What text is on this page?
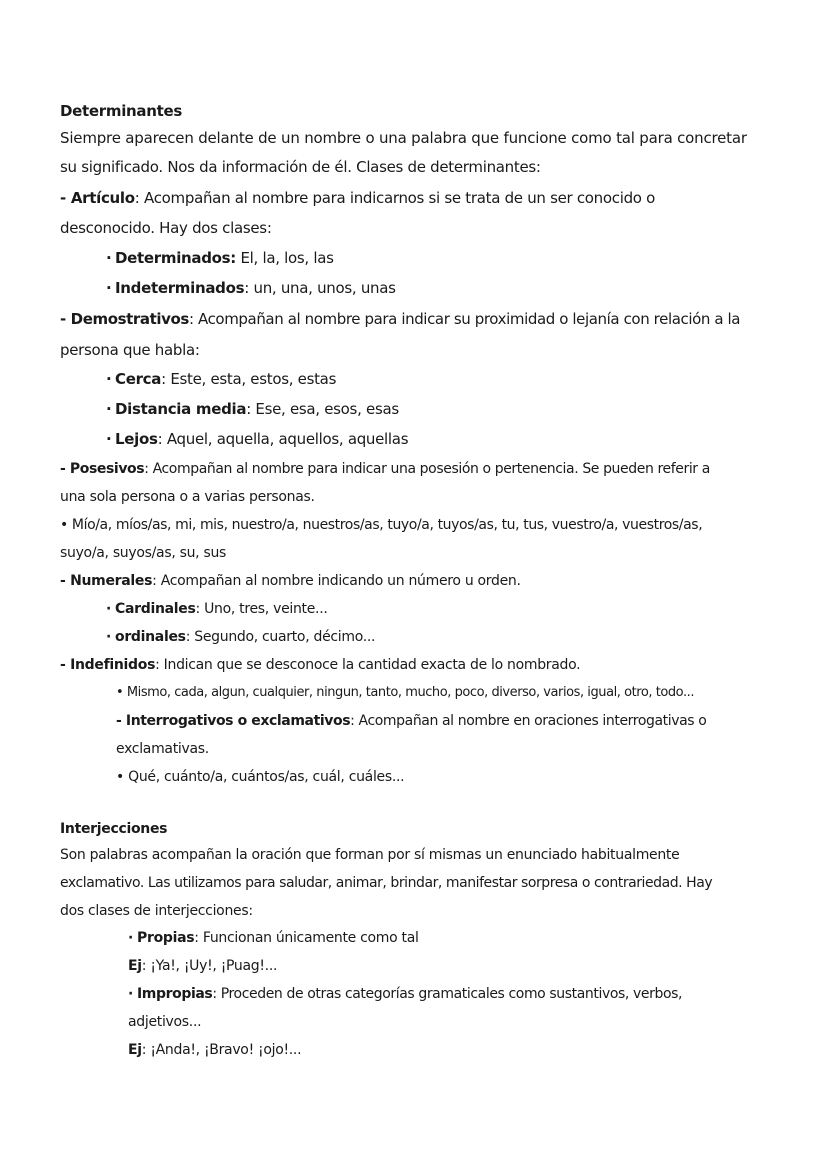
Determinantes
Siempre aparecen delante de un nombre o una palabra que funcione como tal para concretar
su significado. Nos da información de él. Clases de determinantes:
- Artículo: Acompañan al nombre para indicarnos si se trata de un ser conocido o
desconocido. Hay dos clases:
· Determinados: El, la, los, las
· Indeterminados: un, una, unos, unas
- Demostrativos: Acompañan al nombre para indicar su proximidad o lejanía con relación a la
persona que habla:
· Cerca: Este, esta, estos, estas
· Distancia media: Ese, esa, esos, esas
· Lejos: Aquel, aquella, aquellos, aquellas
- Posesivos: Acompañan al nombre para indicar una posesión o pertenencia. Se pueden referir a
una sola persona o a varias personas.
• Mío/a, míos/as, mi, mis, nuestro/a, nuestros/as, tuyo/a, tuyos/as, tu, tus, vuestro/a, vuestros/as,
suyo/a, suyos/as, su, sus
- Numerales: Acompañan al nombre indicando un número u orden.
· Cardinales: Uno, tres, veinte...
· ordinales: Segundo, cuarto, décimo...
- Indefinidos: Indican que se desconoce la cantidad exacta de lo nombrado.
• Mismo, cada, algun, cualquier, ningun, tanto, mucho, poco, diverso, varios, igual, otro, todo...
- Interrogativos o exclamativos: Acompañan al nombre en oraciones interrogativas o
exclamativas.
• Qué, cuánto/a, cuántos/as, cuál, cuáles...
Interjecciones
Son palabras acompañan la oración que forman por sí mismas un enunciado habitualmente
exclamativo. Las utilizamos para saludar, animar, brindar, manifestar sorpresa o contrariedad. Hay
dos clases de interjecciones:
· Propias: Funcionan únicamente como tal
Ej: ¡Ya!, ¡Uy!, ¡Puag!...
· Impropias: Proceden de otras categorías gramaticales como sustantivos, verbos,
adjetivos...
Ej: ¡Anda!, ¡Bravo! ¡ojo!...
